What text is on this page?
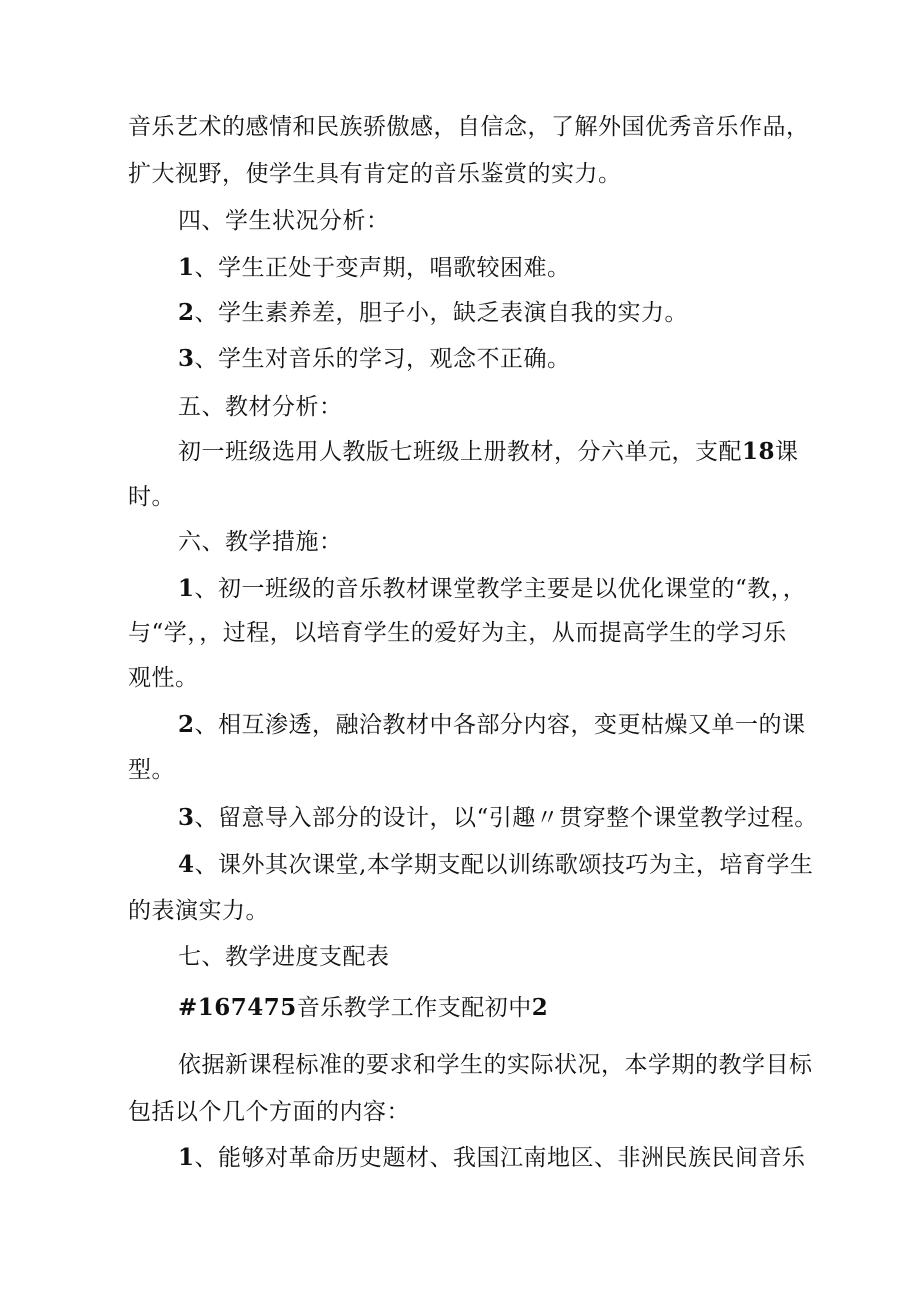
音乐艺术的感情和民族骄傲感，自信念，了解外国优秀音乐作品，
扩大视野，使学生具有肯定的音乐鉴赏的实力。
四、学生状况分析：
1、学生正处于变声期，唱歌较困难。
2、学生素养差，胆子小，缺乏表演自我的实力。
3、学生对音乐的学习，观念不正确。
五、教材分析：
初一班级选用人教版七班级上册教材，分六单元，支配18课
时。
六、教学措施：
1、初一班级的音乐教材课堂教学主要是以优化课堂的“教，，
与“学，，过程，以培育学生的爱好为主，从而提高学生的学习乐
观性。
2、相互渗透，融洽教材中各部分内容，变更枯燥又单一的课
型。
3、留意导入部分的设计，以“引趣〃贯穿整个课堂教学过程。
4、课外其次课堂,本学期支配以训练歌颂技巧为主，培育学生
的表演实力。
七、教学进度支配表
#167475音乐教学工作支配初中2
依据新课程标准的要求和学生的实际状况，本学期的教学目标
包括以个几个方面的内容：
1、能够对革命历史题材、我国江南地区、非洲民族民间音乐
